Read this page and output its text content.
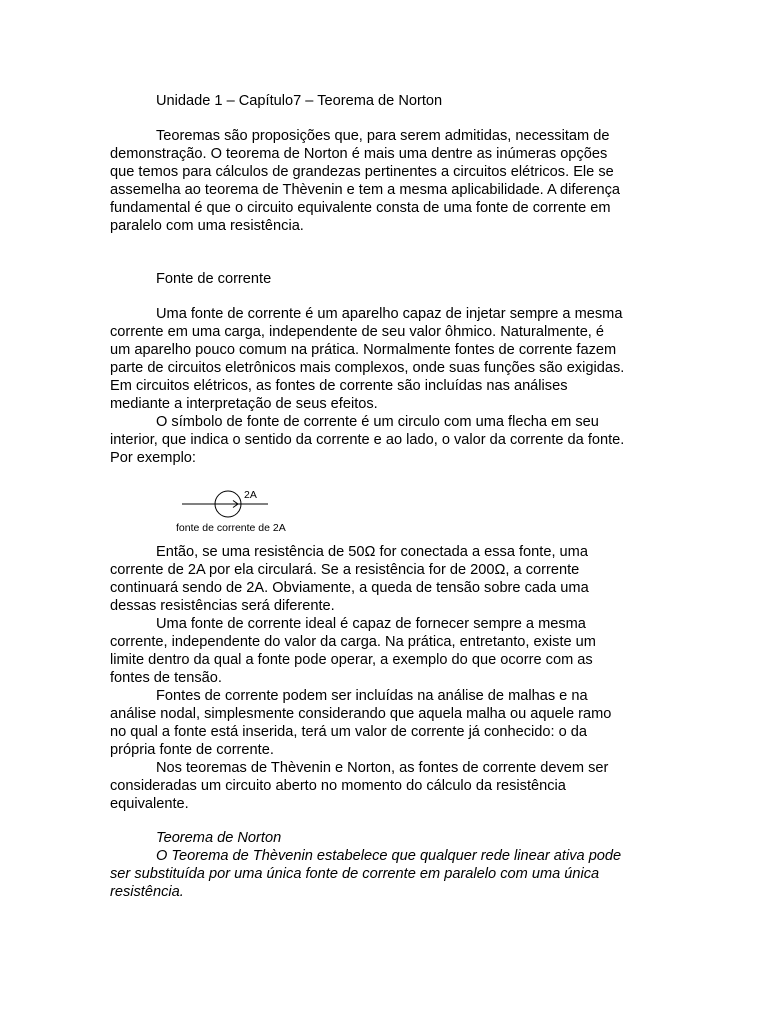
Unidade 1 – Capítulo7 – Teorema de Norton
Teoremas são proposições que, para serem admitidas, necessitam de
demonstração. O teorema de Norton é mais uma dentre as inúmeras opções
que temos para cálculos de grandezas pertinentes a circuitos elétricos. Ele se
assemelha ao teorema de Thèvenin e tem a mesma aplicabilidade. A diferença
fundamental é que o circuito equivalente consta de uma fonte de corrente em
paralelo com uma resistência.
Fonte de corrente
Uma fonte de corrente é um aparelho capaz de injetar sempre a mesma
corrente em uma carga, independente de seu valor ôhmico. Naturalmente, é
um aparelho pouco comum na prática. Normalmente fontes de corrente fazem
parte de circuitos eletrônicos mais complexos, onde suas funções são exigidas.
Em circuitos elétricos, as fontes de corrente são incluídas nas análises
mediante a interpretação de seus efeitos.
O símbolo de fonte de corrente é um circulo com uma flecha em seu
interior, que indica o sentido da corrente e ao lado, o valor da corrente da fonte.
Por exemplo:
2A
fonte de corrente de 2A
Então, se uma resistência de 50Ω for conectada a essa fonte, uma
corrente de 2A por ela circulará. Se a resistência for de 200Ω, a corrente
continuará sendo de 2A. Obviamente, a queda de tensão sobre cada uma
dessas resistências será diferente.
Uma fonte de corrente ideal é capaz de fornecer sempre a mesma
corrente, independente do valor da carga. Na prática, entretanto, existe um
limite dentro da qual a fonte pode operar, a exemplo do que ocorre com as
fontes de tensão.
Fontes de corrente podem ser incluídas na análise de malhas e na
análise nodal, simplesmente considerando que aquela malha ou aquele ramo
no qual a fonte está inserida, terá um valor de corrente já conhecido: o da
própria fonte de corrente.
Nos teoremas de Thèvenin e Norton, as fontes de corrente devem ser
consideradas um circuito aberto no momento do cálculo da resistência
equivalente.
Teorema de Norton
O Teorema de Thèvenin estabelece que qualquer rede linear ativa pode
ser substituída por uma única fonte de corrente em paralelo com uma única
resistência.
